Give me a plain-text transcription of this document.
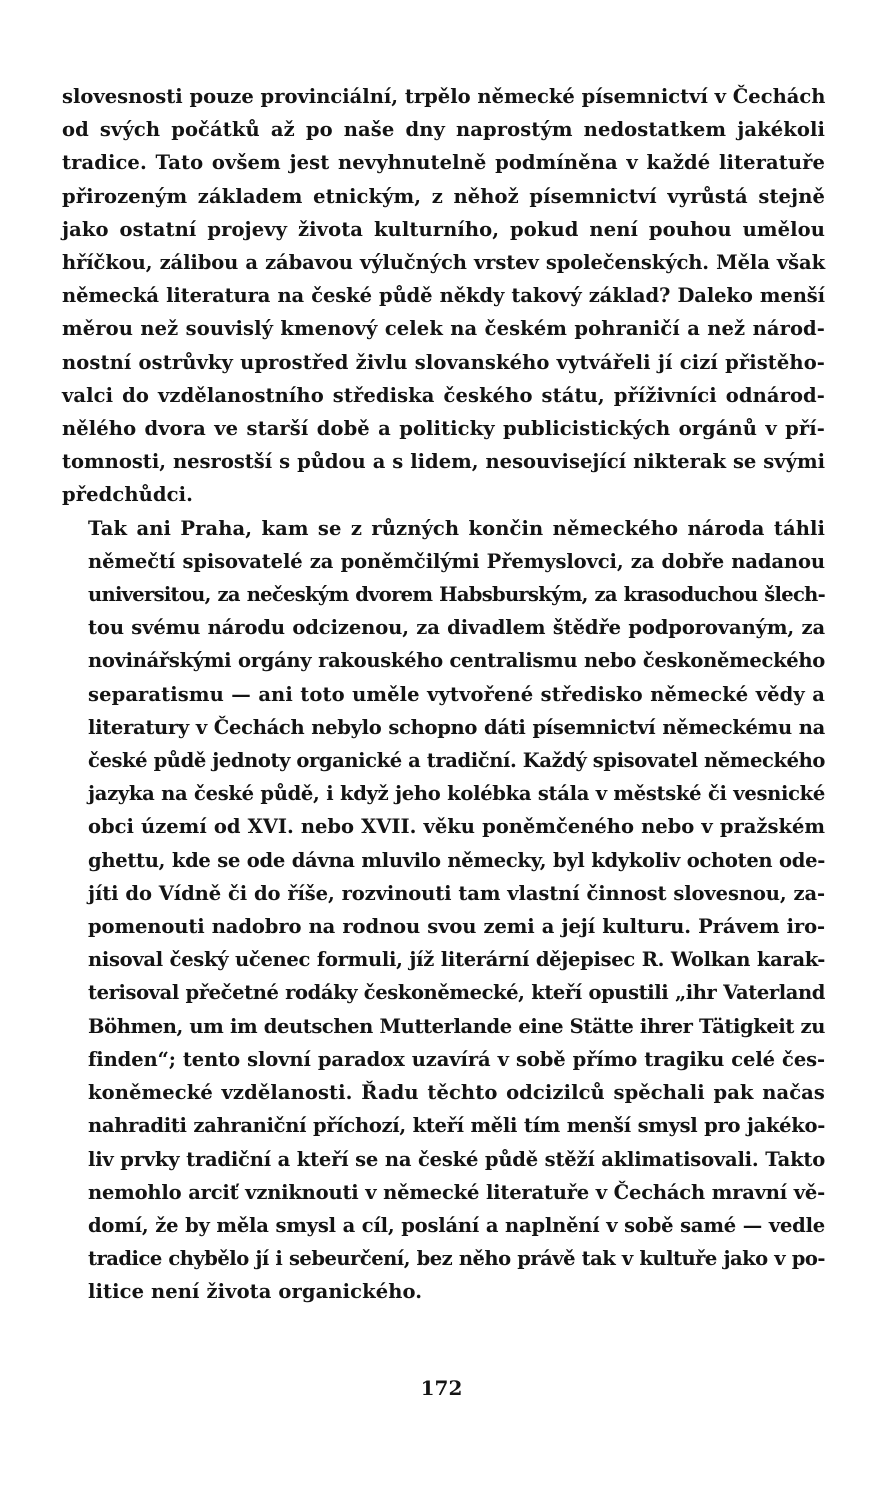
slovesnosti pouze provinciální, trpělo německé písemnictví v Čechách
od svých počátků až po naše dny naprostým nedostatkem jakékoli
tradice. Tato ovšem jest nevyhnutelně podmíněna v každé literatuře
přirozeným základem etnickým, z něhož písemnictví vyrůstá stejně
jako ostatní projevy života kulturního, pokud není pouhou umělou
hříčkou, zálibou a zábavou výlučných vrstev společenských. Měla však
německá literatura na české půdě někdy takový základ? Daleko menší
měrou než souvislý kmenový celek na českém pohraničí a než národ-
nostní ostrůvky uprostřed živlu slovanského vytvářeli jí cizí přistěho-
valci do vzdělanostního střediska českého státu, příživníci odnárod-
nělého dvora ve starší době a politicky publicistických orgánů v pří-
tomnosti, nesrostší s půdou a s lidem, nesouvisející nikterak se svými
předchůdci.

Tak ani Praha, kam se z různých končin německého národa táhli
němečtí spisovatelé za poněmčilými Přemyslovci, za dobře nadanou
universitou, za nečeským dvorem Habsburským, za krasoduchou šlech-
tou svému národu odcizenou, za divadlem štědře podporovaným, za
novinářskými orgány rakouského centralismu nebo českoněmeckého
separatismu — ani toto uměle vytvořené středisko německé vědy a
literatury v Čechách nebylo schopno dáti písemnictví německému na
české půdě jednoty organické a tradiční. Každý spisovatel německého
jazyka na české půdě, i když jeho kolébka stála v městské či vesnické
obci území od XVI. nebo XVII. věku poněmčeného nebo v pražském
ghettu, kde se ode dávna mluvilo německy, byl kdykoliv ochoten ode-
jíti do Vídně či do říše, rozvinouti tam vlastní činnost slovesnou, za-
pomenouti nadobro na rodnou svou zemi a její kulturu. Právem iro-
nisoval český učenec formuli, jíž literární dějepisec R. Wolkan karak-
terisoval přečetné rodáky českoněmecké, kteří opustili „ihr Vaterland
Böhmen, um im deutschen Mutterlande eine Stätte ihrer Tätigkeit zu
finden“; tento slovní paradox uzavírá v sobě přímo tragiku celé čes-
koněmecké vzdělanosti. Řadu těchto odcizilců spěchali pak načas
nahraditi zahraniční příchozí, kteří měli tím menší smysl pro jakéko-
liv prvky tradiční a kteří se na české půdě stěží aklimatisovali. Takto
nemohlo arciť vzniknouti v německé literatuře v Čechách mravní vě-
domí, že by měla smysl a cíl, poslání a naplnění v sobě samé — vedle
tradice chybělo jí i sebeurčení, bez něho právě tak v kultuře jako v po-
litice není života organického.

172
